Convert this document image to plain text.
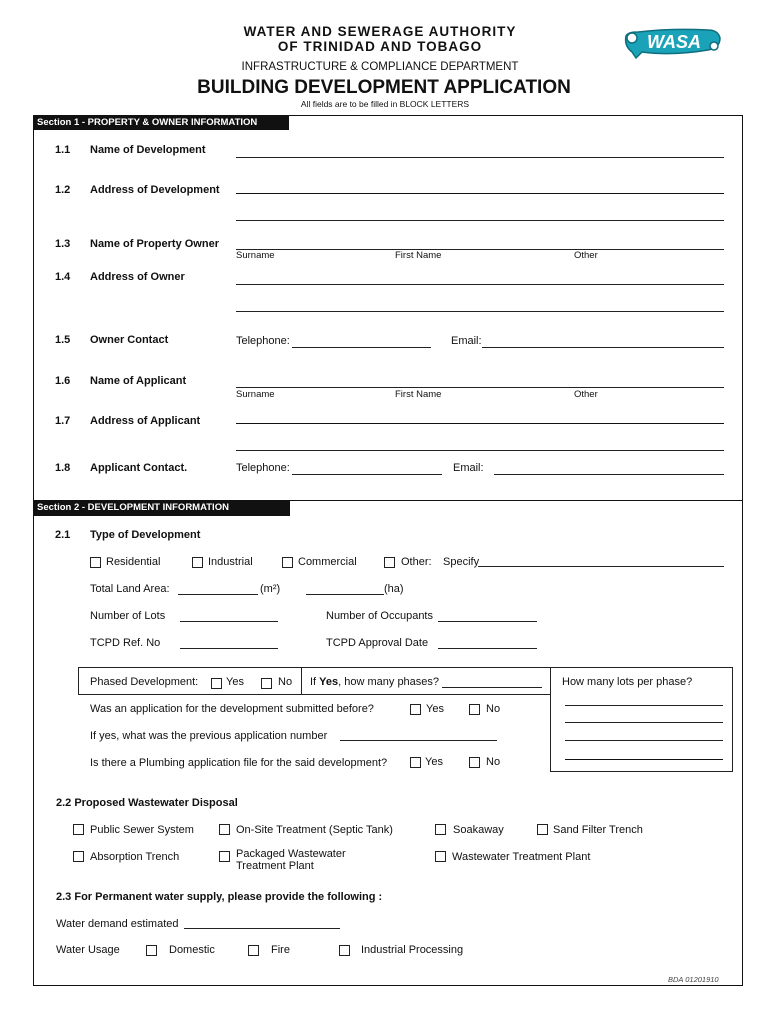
WATER AND SEWERAGE AUTHORITY
OF TRINIDAD AND TOBAGO
INFRASTRUCTURE & COMPLIANCE DEPARTMENT
BUILDING DEVELOPMENT APPLICATION
All fields are to be filled in BLOCK LETTERS
WASA
Section 1 - PROPERTY & OWNER INFORMATION
1.1 Name of Development
1.2 Address of Development
1.3 Name of Property Owner
Surname	First Name	Other
1.4 Address of Owner
1.5 Owner Contact	Telephone:	Email:
1.6 Name of Applicant
Surname	First Name	Other
1.7 Address of Applicant
1.8 Applicant Contact.	Telephone:	Email:
Section 2 - DEVELOPMENT INFORMATION
2.1 Type of Development
Residential	Industrial	Commercial	Other: Specify
Total Land Area:	(m²)	(ha)
Number of Lots	Number of Occupants
TCPD Ref. No	TCPD Approval Date
Phased Development:	Yes	No If Yes, how many phases?	How many lots per phase?
Was an application for the development submitted before?	Yes	No
If yes, what was the previous application number
Is there a Plumbing application file for the said development?	Yes	No
2.2 Proposed Wastewater Disposal
Public Sewer System	On-Site Treatment (Septic Tank)	Soakaway	Sand Filter Trench
Absorption Trench	Packaged Wastewater
Treatment Plant
Wastewater Treatment Plant
2.3 For Permanent water supply, please provide the following :
Water demand estimated
Water Usage	Domestic	Fire	Industrial Processing
BDA 01201910
